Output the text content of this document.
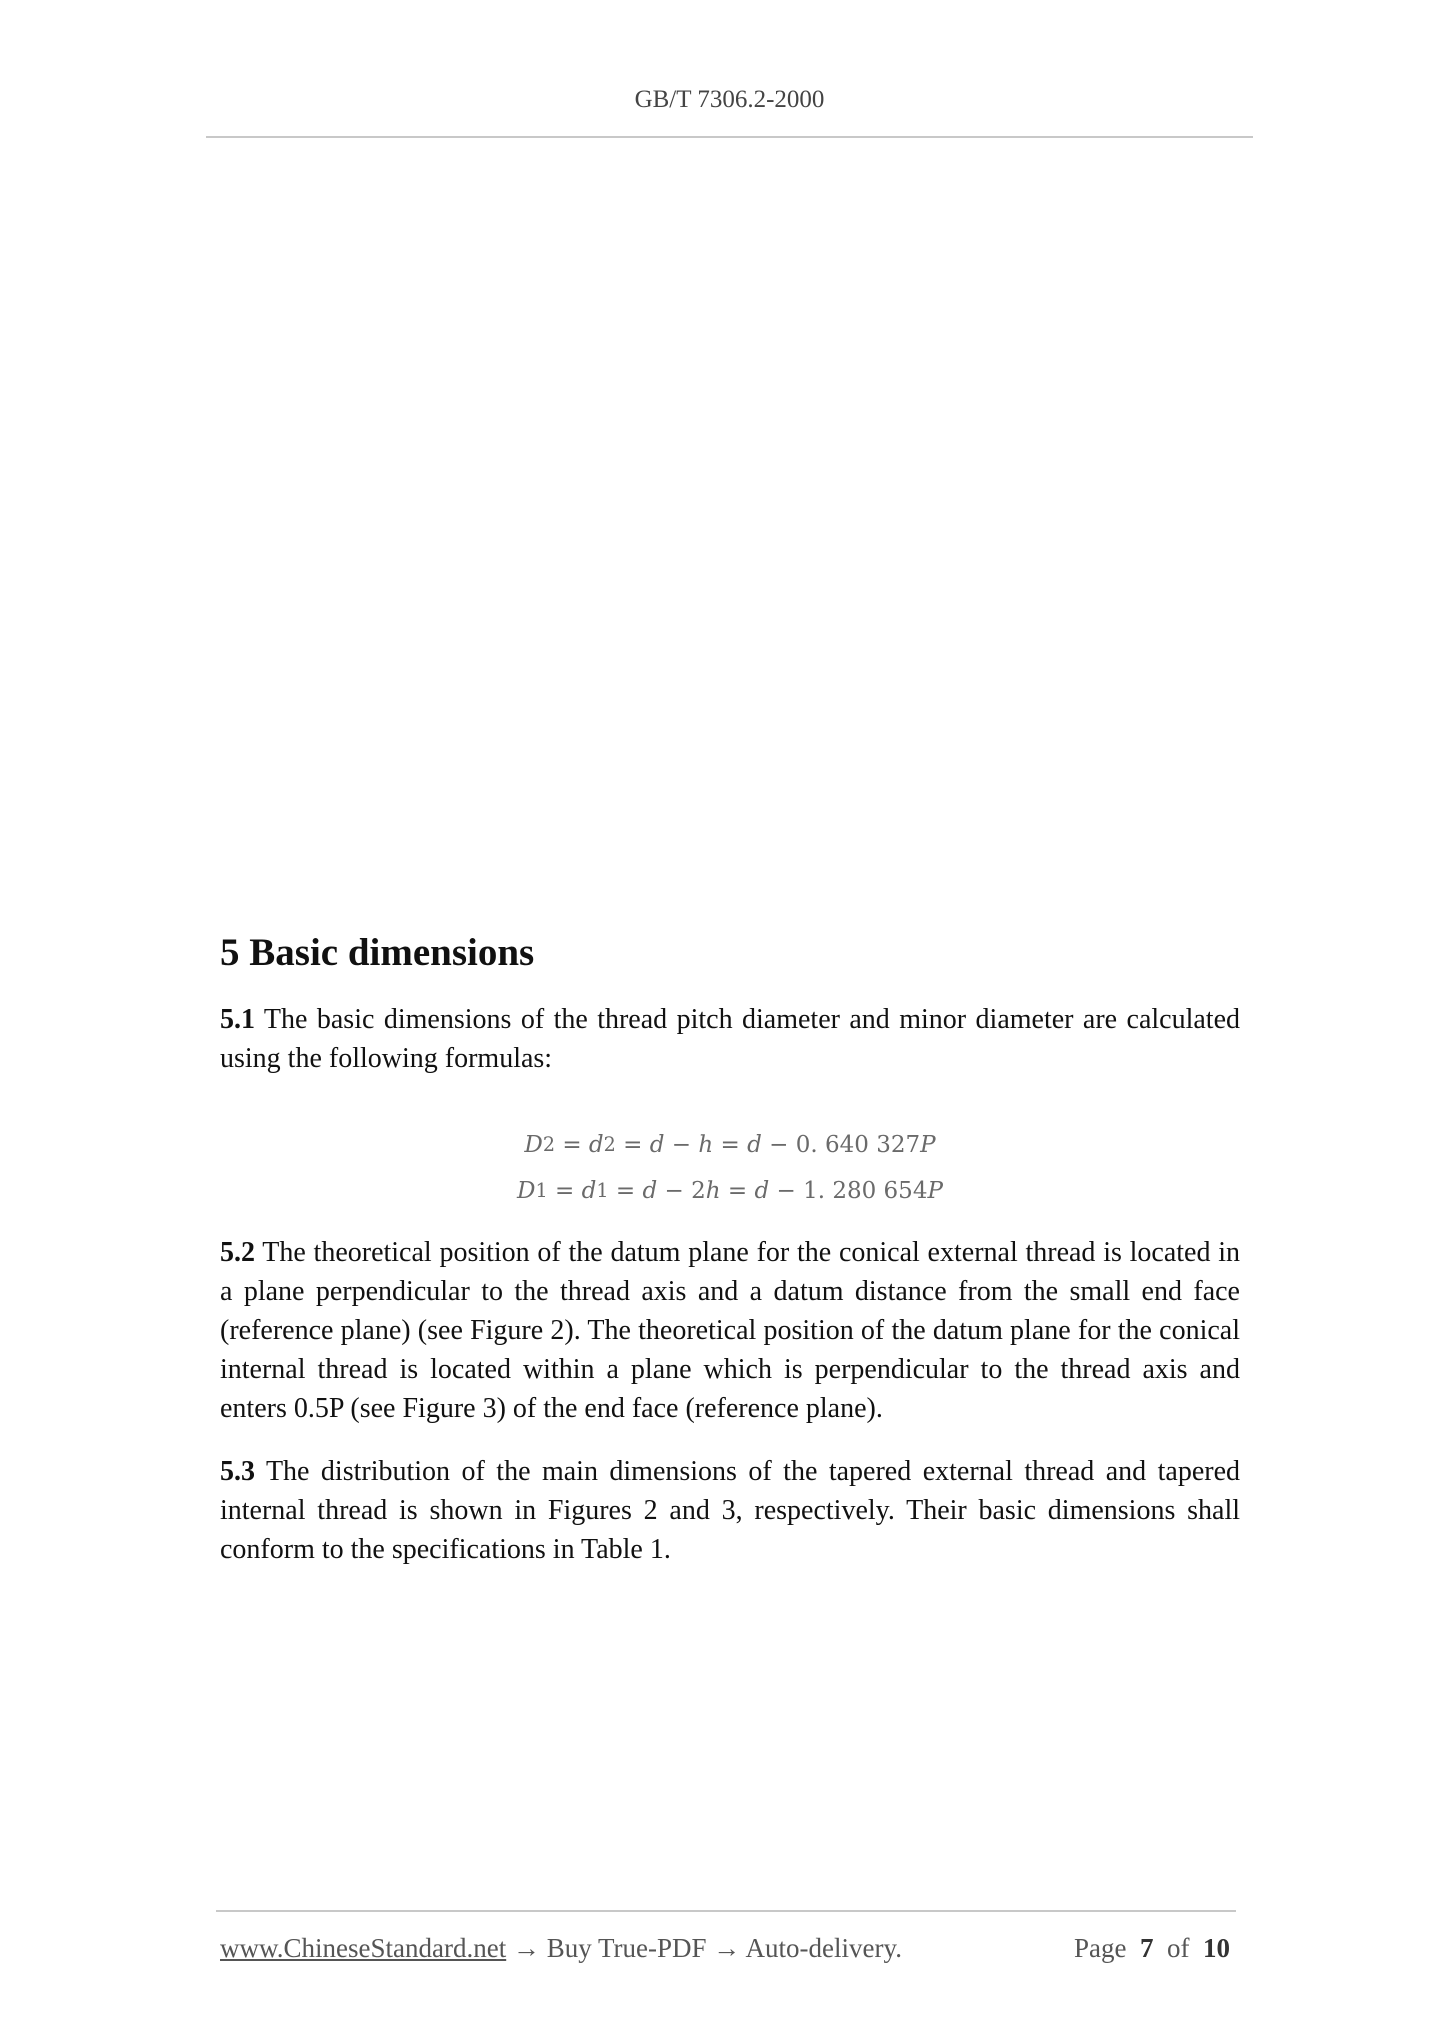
GB/T 7306.2-2000
5 Basic dimensions

5.1 The basic dimensions of the thread pitch diameter and minor diameter are calculated using the following formulas:

D 2 = d 2 = d − h = d − 0. 640 327 P
D 1 = d 1 = d − 2 h = d − 1. 280 654 P

5.2 The theoretical position of the datum plane for the conical external thread is located in a plane perpendicular to the thread axis and a datum distance from the small end face (reference plane) (see Figure 2). The theoretical position of the datum plane for the conical internal thread is located within a plane which is perpendicular to the thread axis and enters 0.5P (see Figure 3) of the end face (reference plane).

5.3 The distribution of the main dimensions of the tapered external thread and tapered internal thread is shown in Figures 2 and 3, respectively. Their basic dimensions shall conform to the specifications in Table 1.

www.ChineseStandard.net → Buy True-PDF → Auto-delivery.	Page 7 of 10
